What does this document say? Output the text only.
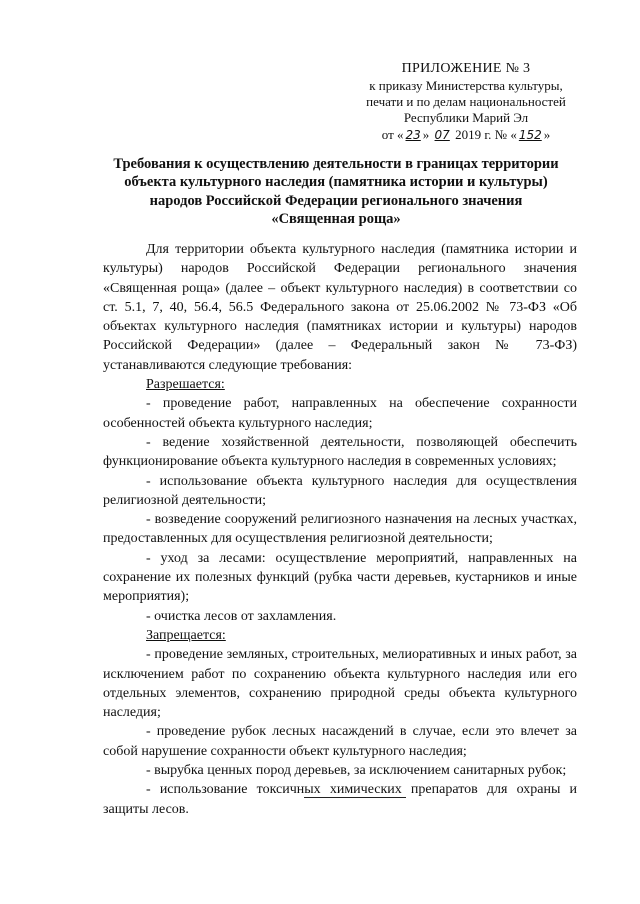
ПРИЛОЖЕНИЕ № 3
к приказу Министерства культуры,
печати и по делам национальностей
Республики Марий Эл
от « 23 » 07 2019 г. № « 152 »
Требования к осуществлению деятельности в границах территории
объекта культурного наследия (памятника истории и культуры)
народов Российской Федерации регионального значения
«Священная роща»

Для территории объекта культурного наследия (памятника истории и культуры) народов Российской Федерации регионального значения «Священная роща» (далее – объект культурного наследия) в соответствии со ст. 5.1, 7, 40, 56.4, 56.5 Федерального закона от 25.06.2002 № 73-ФЗ «Об объектах культурного наследия (памятниках истории и культуры) народов Российской Федерации» (далее – Федеральный закон № 73-ФЗ) устанавливаются следующие требования:

Разрешается:

- проведение работ, направленных на обеспечение сохранности особенностей объекта культурного наследия;

- ведение хозяйственной деятельности, позволяющей обеспечить функционирование объекта культурного наследия в современных условиях;

- использование объекта культурного наследия для осуществления религиозной деятельности;

- возведение сооружений религиозного назначения на лесных участках, предоставленных для осуществления религиозной деятельности;

- уход за лесами: осуществление мероприятий, направленных на сохранение их полезных функций (рубка части деревьев, кустарников и иные мероприятия);

- очистка лесов от захламления.

Запрещается:

- проведение земляных, строительных, мелиоративных и иных работ, за исключением работ по сохранению объекта культурного наследия или его отдельных элементов, сохранению природной среды объекта культурного наследия;

- проведение рубок лесных насаждений в случае, если это влечет за собой нарушение сохранности объект культурного наследия;

- вырубка ценных пород деревьев, за исключением санитарных рубок;

- использование токсичных химических препаратов для охраны и защиты лесов.
